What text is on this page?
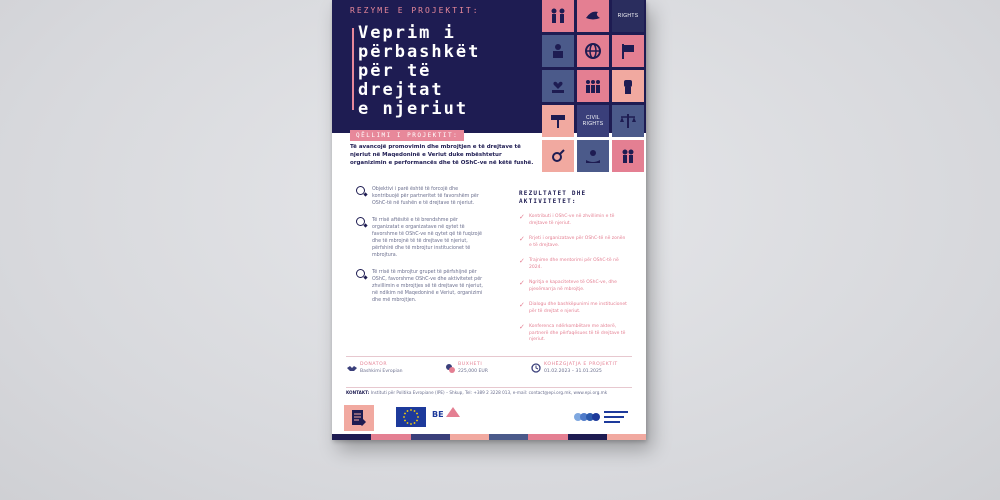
REZYME E PROJEKTIT:
Veprim i
përbashkët
për të
drejtat
e njeriut
RIGHTS
CIVIL RIGHTS
QËLLIMI I PROJEKTIT:
Të avancojë promovimin dhe mbrojtjen e të drejtave të njeriut në Maqedoninë e Veriut duke mbështetur organizimin e performancës dhe të OShC-ve në këtë fushë.
Objektivi i parë është të forcojë dhe kontribuojë për partneritet të favorshëm për OShC-të në fushën e të drejtave të njeriut.
Të rrisë aftësitë e të brendshme për organizatat e organizatave në qytet të favorshme të OShC-ve në qytet që të fuqizojë dhe të mbrojnë të të drejtave të njeriut, përfshirë dhe të mbrojtur institucionet të mbrojtura.
Të rrisë të mbrojtur grupet të përfshijnë për OShC, favorshme OShC-ve dhe aktivitetet për zhvillimin e mbrojtjes së të drejtave të njeriut, në ndikim në Maqedoninë e Veriut, organizimi dhe më mbrojtjen.
REZULTATET DHE AKTIVITETET:
✓ Kontributi i OShC-ve në zhvillimin e të drejtave të njeriut.
✓ Rrjeti i organizatave për OShC-të në zonën e të drejtave.
✓ Trajnime dhe mentorimi për OShC-të në 2024.
✓ Ngritja e kapaciteteve të OShC-ve, dhe pjesëmarrja në mbrojtje.
✓ Dialogu dhe bashkëpunimi me institucionet për të drejtat e njeriut.
✓ Konferenca ndërkombëtare me akterë, partnerë dhe përfaqësues të të drejtave të njeriut.
DONATOR
Bashkimi Evropian
BUXHETI
225,000 EUR
KOHËZGJATJA E PROJEKTIT
01.02.2023 – 31.01.2025
KONTAKT: Instituti për Politika Evropiane (IPE) – Shkup, Tel: +389 2 3228 013, e-mail: contact@epi.org.mk, www.epi.org.mk
BE
